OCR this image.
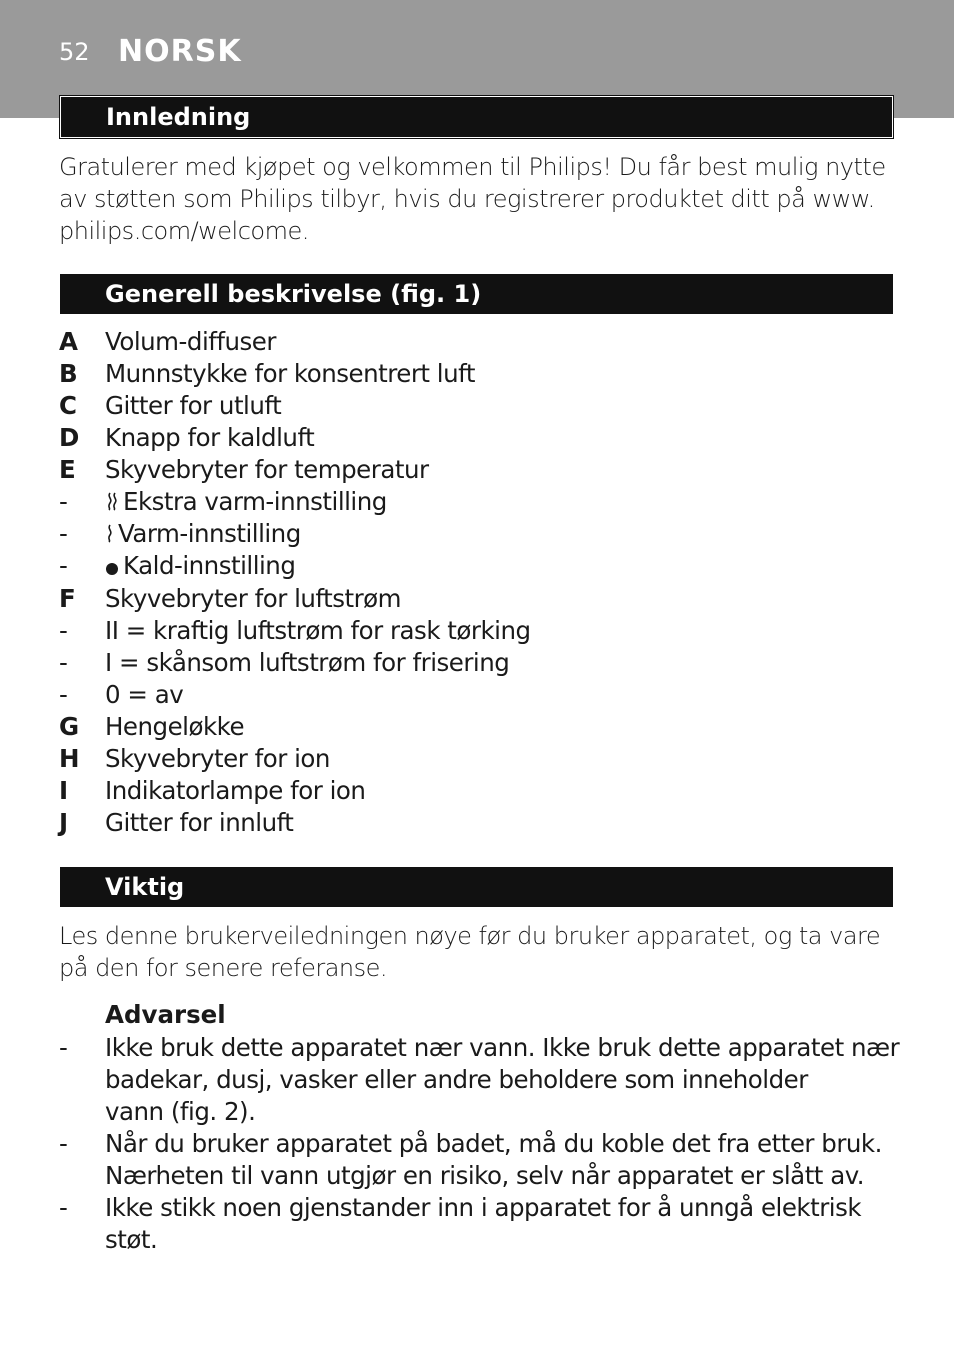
52 NORSK
Innledning
Gratulerer med kjøpet og velkommen til Philips! Du får best mulig nytte
av støtten som Philips tilbyr, hvis du registrerer produktet ditt på www.
philips.com/welcome.
Generell beskrivelse (fig. 1)
A	Volum-diffuser
B	Munnstykke for konsentrert luft
C	Gitter for utluft
D	Knapp for kaldluft
E	Skyvebryter for temperatur
-	Ekstra varm-innstilling
-	Varm-innstilling
-	Kald-innstilling
F	Skyvebryter for luftstrøm
-	II = kraftig luftstrøm for rask tørking
-	I = skånsom luftstrøm for frisering
-	0 = av
G	Hengeløkke
H	Skyvebryter for ion
I	Indikatorlampe for ion
J	Gitter for innluft
Viktig
Les denne brukerveiledningen nøye før du bruker apparatet, og ta vare
på den for senere referanse.
Advarsel
- Ikke bruk dette apparatet nær vann. Ikke bruk dette apparatet nær
badekar, dusj, vasker eller andre beholdere som inneholder
vann (fig. 2).
- Når du bruker apparatet på badet, må du koble det fra etter bruk.
Nærheten til vann utgjør en risiko, selv når apparatet er slått av.
- Ikke stikk noen gjenstander inn i apparatet for å unngå elektrisk støt.
